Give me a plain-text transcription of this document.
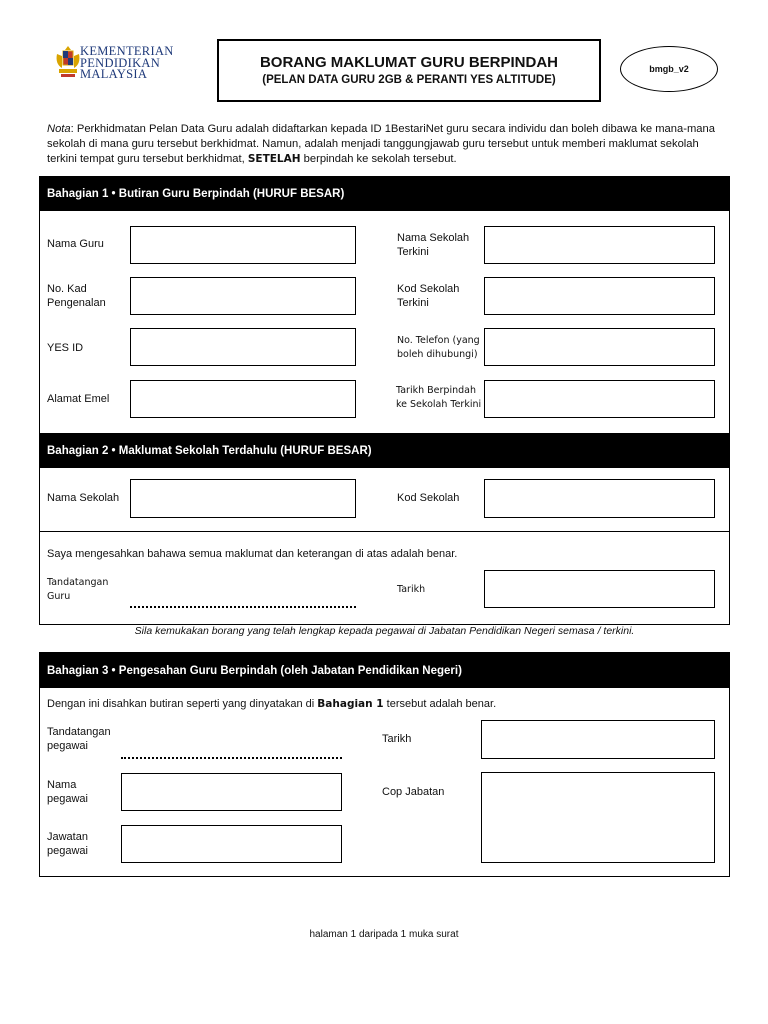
KEMENTERIAN
PENDIDIKAN
MALAYSIA
BORANG MAKLUMAT GURU BERPINDAH
(PELAN DATA GURU 2GB & PERANTI YES ALTITUDE)
bmgb_v2
Nota: Perkhidmatan Pelan Data Guru adalah didaftarkan kepada ID 1BestariNet guru secara individu dan boleh dibawa ke mana-mana sekolah di mana guru tersebut berkhidmat. Namun, adalah menjadi tanggungjawab guru tersebut untuk memberi maklumat sekolah terkini tempat guru tersebut berkhidmat, SETELAH berpindah ke sekolah tersebut.
Bahagian 1 • Butiran Guru Berpindah (HURUF BESAR)
Nama Guru
No. Kad Pengenalan
YES ID
Alamat Emel
Nama Sekolah Terkini
Kod Sekolah Terkini
No. Telefon (yang boleh dihubungi)
Tarikh Berpindah ke Sekolah Terkini
Bahagian 2 • Maklumat Sekolah Terdahulu (HURUF BESAR)
Nama Sekolah	Kod Sekolah
Saya mengesahkan bahawa semua maklumat dan keterangan di atas adalah benar.
Tandatangan Guru
Tarikh
Sila kemukakan borang yang telah lengkap kepada pegawai di Jabatan Pendidikan Negeri semasa / terkini.
Bahagian 3 • Pengesahan Guru Berpindah (oleh Jabatan Pendidikan Negeri)
Dengan ini disahkan butiran seperti yang dinyatakan di Bahagian 1 tersebut adalah benar.
Tandatangan pegawai
Nama pegawai
Jawatan pegawai
Tarikh
Cop Jabatan
halaman 1 daripada 1 muka surat
